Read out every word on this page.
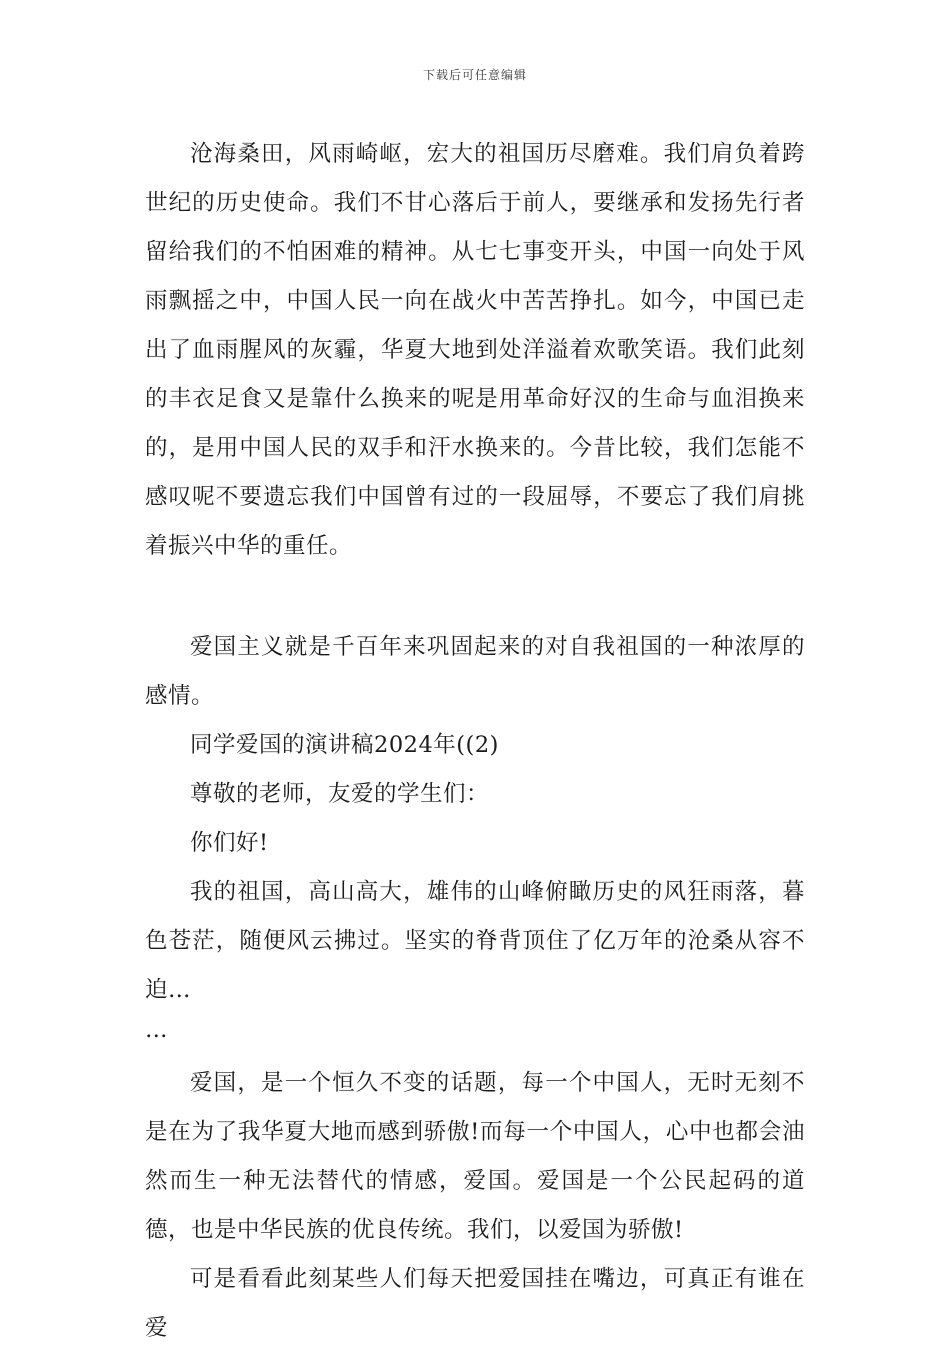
下载后可任意编辑

沧海桑田，风雨崎岖，宏大的祖国历尽磨难。我们肩负着跨世纪的历史使命。我们不甘心落后于前人，要继承和发扬先行者留给我们的不怕困难的精神。从七七事变开头，中国一向处于风雨飘摇之中，中国人民一向在战火中苦苦挣扎。如今，中国已走出了血雨腥风的灰霾，华夏大地到处洋溢着欢歌笑语。我们此刻的丰衣足食又是靠什么换来的呢是用革命好汉的生命与血泪换来的，是用中国人民的双手和汗水换来的。今昔比较，我们怎能不感叹呢不要遗忘我们中国曾有过的一段屈辱，不要忘了我们肩挑着振兴中华的重任。

爱国主义就是千百年来巩固起来的对自我祖国的一种浓厚的感情。

同学爱国的演讲稿2024年((2)

尊敬的老师，友爱的学生们：

你们好!

我的祖国，高山高大，雄伟的山峰俯瞰历史的风狂雨落，暮色苍茫，随便风云拂过。坚实的脊背顶住了亿万年的沧桑从容不迫…
…

爱国，是一个恒久不变的话题，每一个中国人，无时无刻不是在为了我华夏大地而感到骄傲!而每一个中国人，心中也都会油然而生一种无法替代的情感，爱国。爱国是一个公民起码的道德，也是中华民族的优良传统。我们，以爱国为骄傲!

可是看看此刻某些人们每天把爱国挂在嘴边，可真正有谁在爱
